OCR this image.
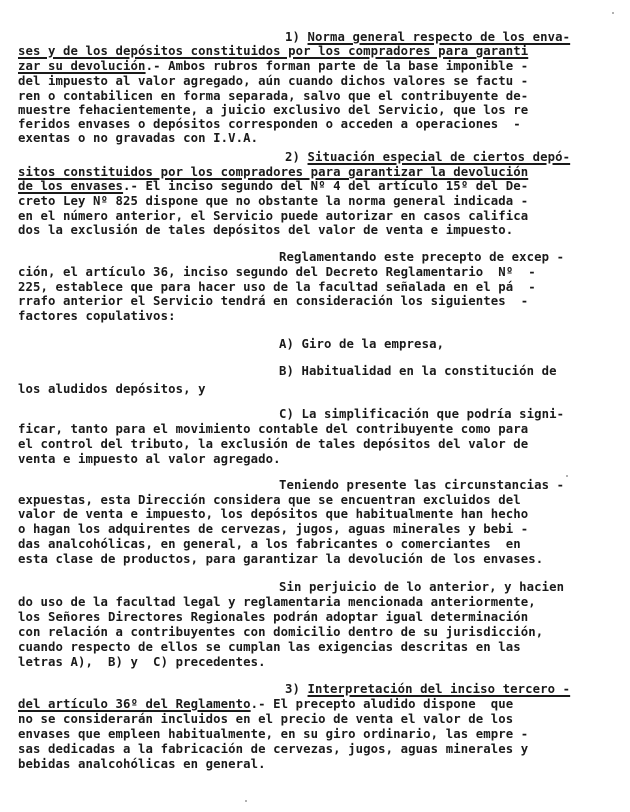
1) Norma general respecto de los enva-
ses y de los depósitos constituidos por los compradores para garanti
zar su devolución.- Ambos rubros forman parte de la base imponible -
del impuesto al valor agregado, aún cuando dichos valores se factu -
ren o contabilicen en forma separada, salvo que el contribuyente de-
muestre fehacientemente, a juicio exclusivo del Servicio, que los re
feridos envases o depósitos corresponden o acceden a operaciones  -
exentas o no gravadas con I.V.A.
2) Situación especial de ciertos depó-
sitos constituidos por los compradores para garantizar la devolución
de los envases.- El inciso segundo del Nº 4 del artículo 15º del De-
creto Ley Nº 825 dispone que no obstante la norma general indicada -
en el número anterior, el Servicio puede autorizar en casos califica
dos la exclusión de tales depósitos del valor de venta e impuesto.
Reglamentando este precepto de excep -
ción, el artículo 36, inciso segundo del Decreto Reglamentario  Nº  -
225, establece que para hacer uso de la facultad señalada en el pá  -
rrafo anterior el Servicio tendrá en consideración los siguientes  -
factores copulativos:
A) Giro de la empresa,
B) Habitualidad en la constitución de
los aludidos depósitos, y
C) La simplificación que podría signi-
ficar, tanto para el movimiento contable del contribuyente como para
el control del tributo, la exclusión de tales depósitos del valor de
venta e impuesto al valor agregado.
Teniendo presente las circunstancias -
expuestas, esta Dirección considera que se encuentran excluidos del
valor de venta e impuesto, los depósitos que habitualmente han hecho
o hagan los adquirentes de cervezas, jugos, aguas minerales y bebi -
das analcohólicas, en general, a los fabricantes o comerciantes  en
esta clase de productos, para garantizar la devolución de los envases.
Sin perjuicio de lo anterior, y hacien
do uso de la facultad legal y reglamentaria mencionada anteriormente,
los Señores Directores Regionales podrán adoptar igual determinación
con relación a contribuyentes con domicilio dentro de su jurisdicción,
cuando respecto de ellos se cumplan las exigencias descritas en las
letras A),  B) y  C) precedentes.
3) Interpretación del inciso tercero -
del artículo 36º del Reglamento.- El precepto aludido dispone  que
no se considerarán incluidos en el precio de venta el valor de los
envases que empleen habitualmente, en su giro ordinario, las empre -
sas dedicadas a la fabricación de cervezas, jugos, aguas minerales y
bebidas analcohólicas en general.
